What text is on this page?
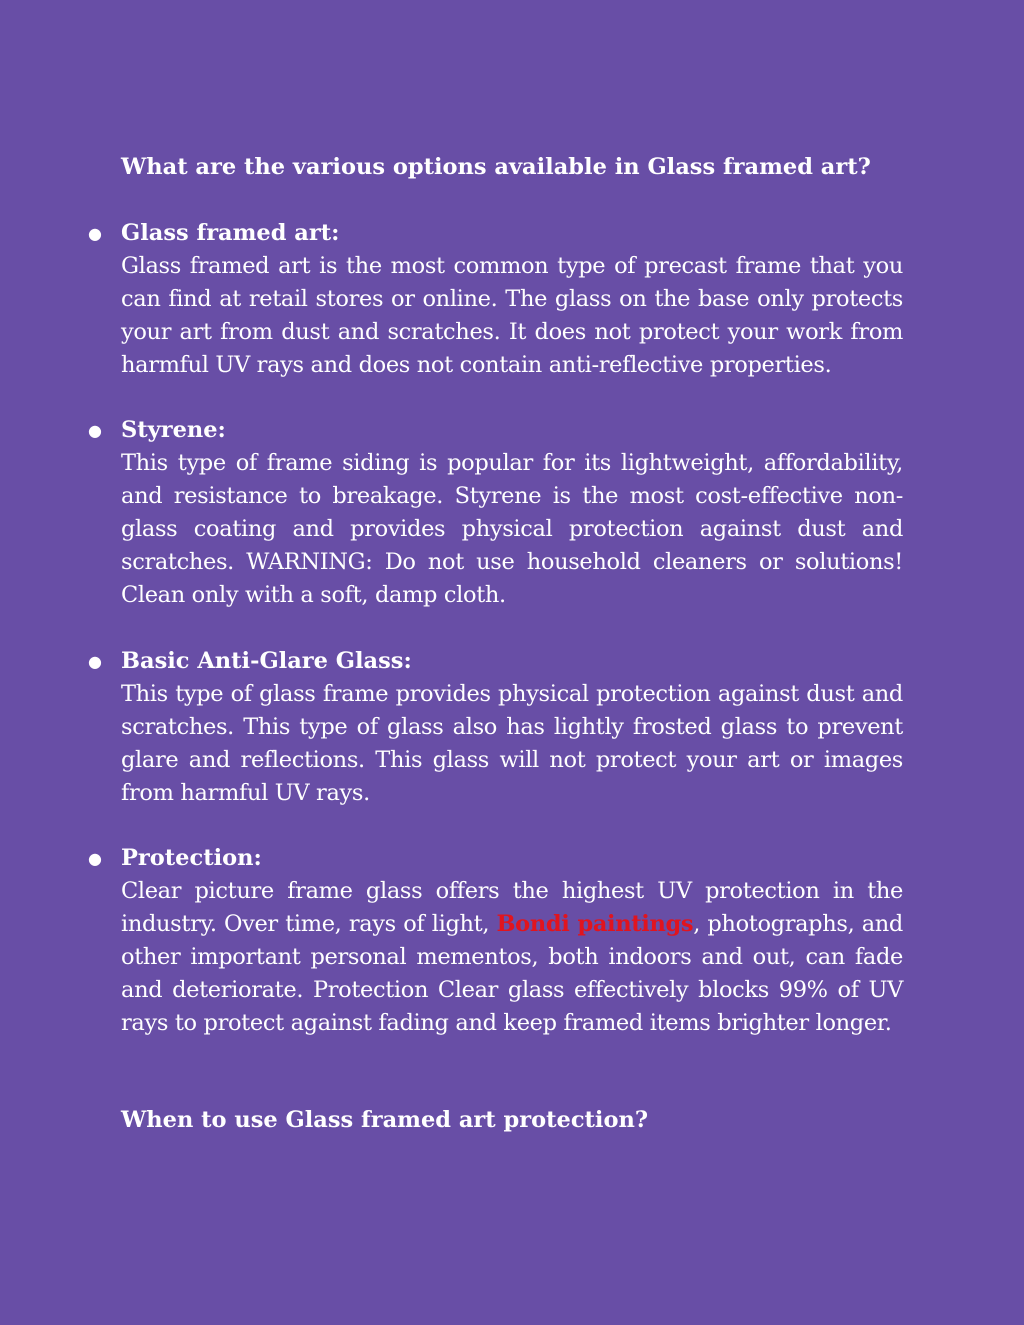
What are the various options available in Glass framed art?
● Glass framed art:
Glass framed art is the most common type of precast frame that you can find at retail stores or online. The glass on the base only protects your art from dust and scratches. It does not protect your work from harmful UV rays and does not contain anti-reflective properties.
● Styrene:
This type of frame siding is popular for its lightweight, affordability, and resistance to breakage. Styrene is the most cost-effective non-glass coating and provides physical protection against dust and scratches. WARNING: Do not use household cleaners or solutions! Clean only with a soft, damp cloth.
● Basic Anti-Glare Glass:
This type of glass frame provides physical protection against dust and scratches. This type of glass also has lightly frosted glass to prevent glare and reflections. This glass will not protect your art or images from harmful UV rays.
● Protection:
Clear picture frame glass offers the highest UV protection in the industry. Over time, rays of light, Bondi paintings, photographs, and other important personal mementos, both indoors and out, can fade and deteriorate. Protection Clear glass effectively blocks 99% of UV rays to protect against fading and keep framed items brighter longer.
When to use Glass framed art protection?
